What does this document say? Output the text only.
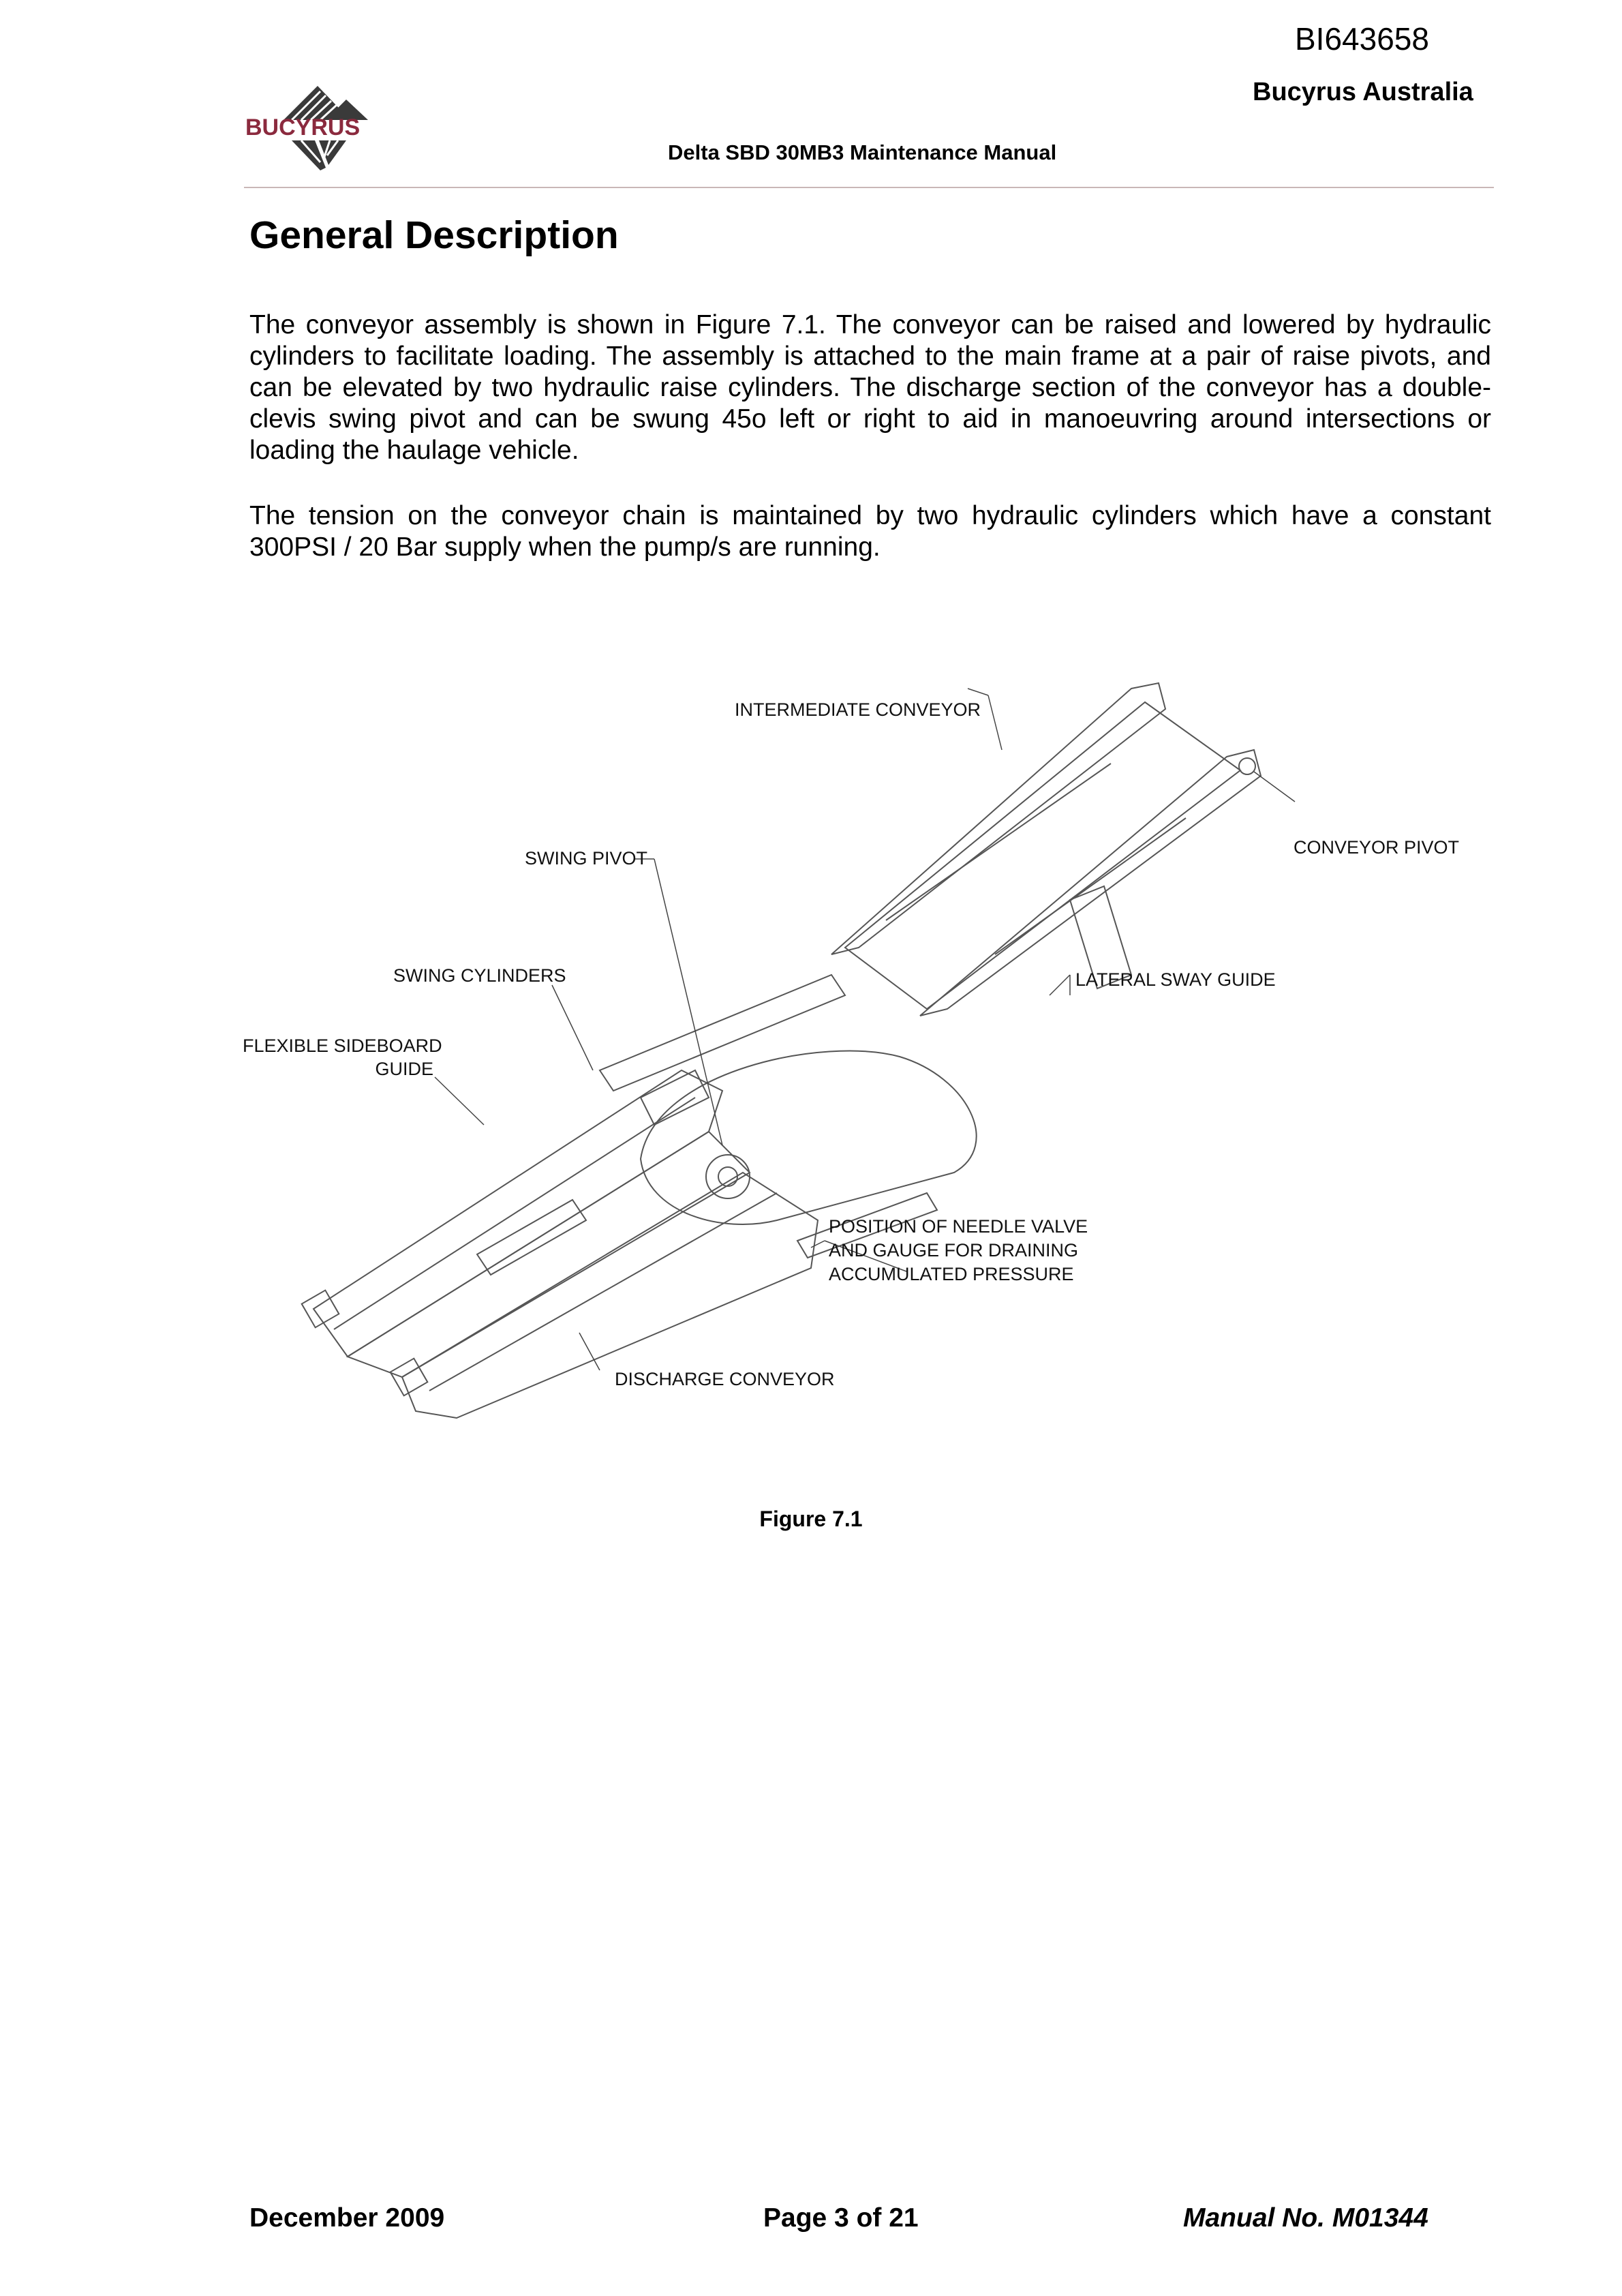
BI643658
Bucyrus Australia
Delta SBD 30MB3 Maintenance Manual
BUCYRUS
General Description

The conveyor assembly is shown in Figure 7.1. The conveyor can be raised and lowered by hydraulic cylinders to facilitate loading. The assembly is attached to the main frame at a pair of raise pivots, and can be elevated by two hydraulic raise cylinders. The discharge section of the conveyor has a double-clevis swing pivot and can be swung 45o left or right to aid in manoeuvring around intersections or loading the haulage vehicle.

The tension on the conveyor chain is maintained by two hydraulic cylinders which have a constant 300PSI / 20 Bar supply when the pump/s are running.

INTERMEDIATE CONVEYOR
CONVEYOR PIVOT
SWING PIVOT
SWING CYLINDERS	LATERAL SWAY GUIDE
FLEXIBLE SIDEBOARD
GUIDE
POSITION OF NEEDLE VALVE
AND GAUGE FOR DRAINING
ACCUMULATED PRESSURE
DISCHARGE CONVEYOR
Figure 7.1
December 2009	Page 3 of 21	Manual No. M01344
